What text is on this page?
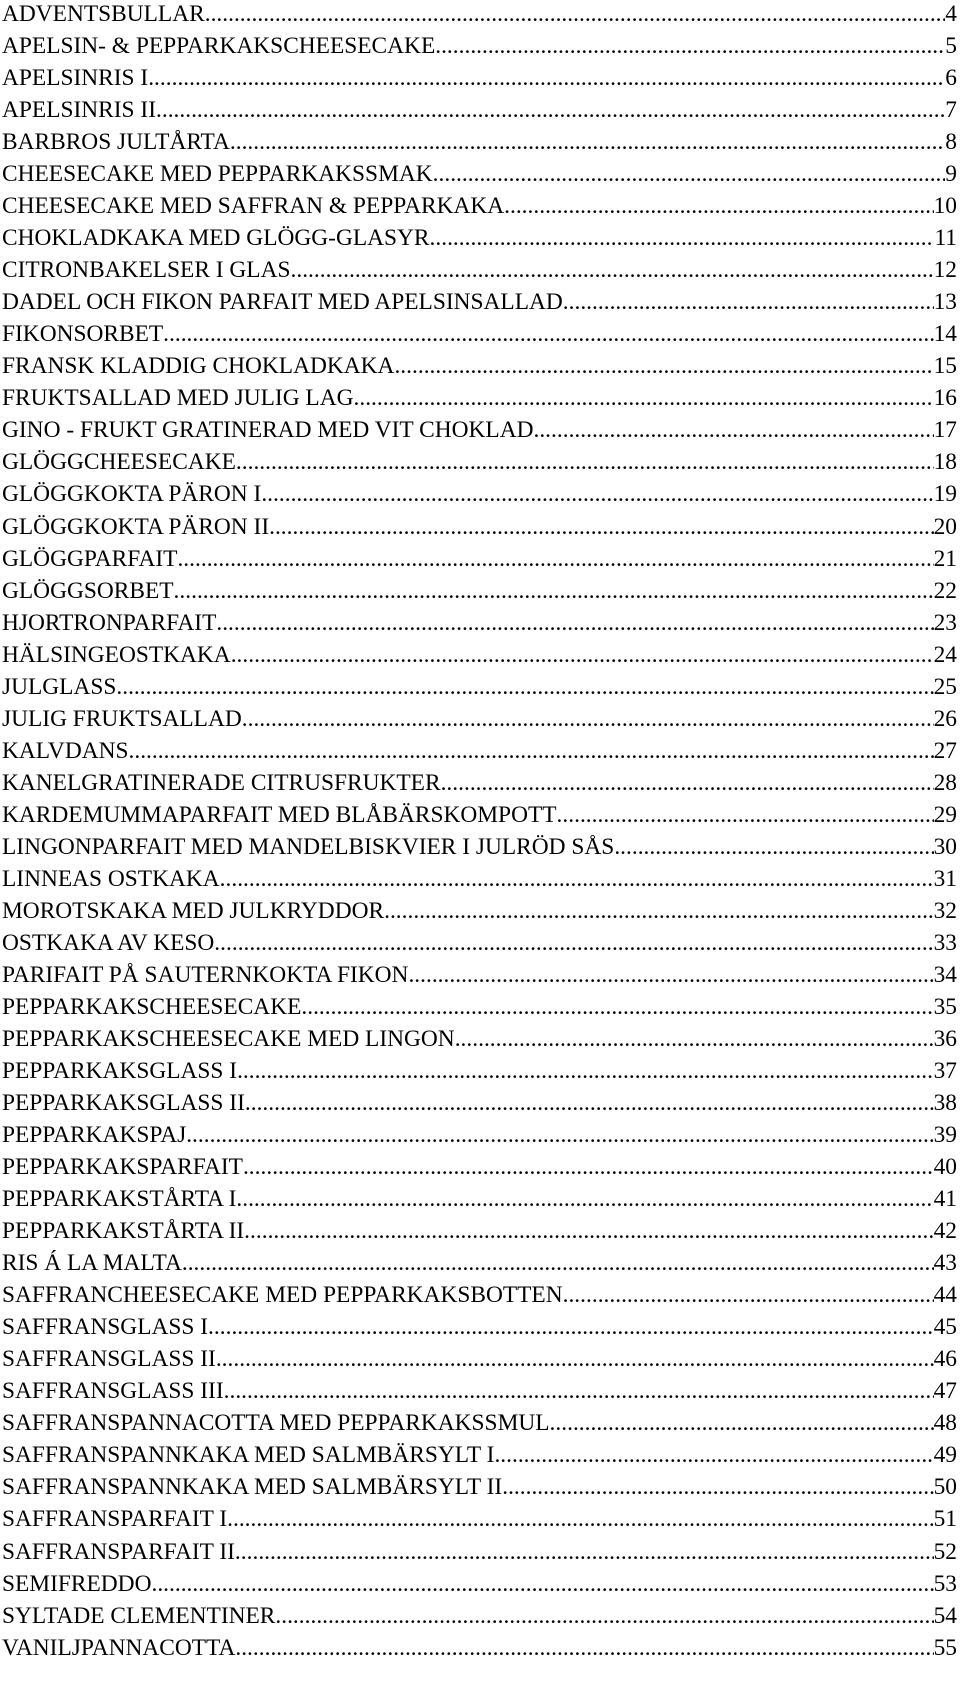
ADVENTSBULLAR .....	4
APELSIN- & PEPPARKAKSCHEESECAKE .....	5
APELSINRIS I .....	6
APELSINRIS II .....	7
BARBROS JULTÅRTA .....	8
CHEESECAKE MED PEPPARKAKSSMAK .....	9
CHEESECAKE MED SAFFRAN & PEPPARKAKA .....	10
CHOKLADKAKA MED GLÖGG-GLASYR .....	11
CITRONBAKELSER I GLAS .....	12
DADEL OCH FIKON PARFAIT MED APELSINSALLAD .....	13
FIKONSORBET .....	14
FRANSK KLADDIG CHOKLADKAKA .....	15
FRUKTSALLAD MED JULIG LAG .....	16
GINO - FRUKT GRATINERAD MED VIT CHOKLAD .....	17
GLÖGGCHEESECAKE .....	18
GLÖGGKOKTA PÄRON I .....	19
GLÖGGKOKTA PÄRON II .....	20
GLÖGGPARFAIT .....	21
GLÖGGSORBET .....	22
HJORTRONPARFAIT .....	23
HÄLSINGEOSTKAKA .....	24
JULGLASS .....	25
JULIG FRUKTSALLAD .....	26
KALVDANS .....	27
KANELGRATINERADE CITRUSFRUKTER .....	28
KARDEMUMMAPARFAIT MED BLÅBÄRSKOMPOTT .....	29
LINGONPARFAIT MED MANDELBISKVIER I JULRÖD SÅS .....	30
LINNEAS OSTKAKA .....	31
MOROTSKAKA MED JULKRYDDOR .....	32
OSTKAKA AV KESO .....	33
PARIFAIT PÅ SAUTERNKOKTA FIKON .....	34
PEPPARKAKSCHEESECAKE .....	35
PEPPARKAKSCHEESECAKE MED LINGON .....	36
PEPPARKAKSGLASS I .....	37
PEPPARKAKSGLASS II .....	38
PEPPARKAKSPAJ .....	39
PEPPARKAKSPARFAIT .....	40
PEPPARKAKSTÅRTA I .....	41
PEPPARKAKSTÅRTA II .....	42
RIS Á LA MALTA .....	43
SAFFRANCHEESECAKE MED PEPPARKAKSBOTTEN .....	44
SAFFRANSGLASS I .....	45
SAFFRANSGLASS II .....	46
SAFFRANSGLASS III .....	47
SAFFRANSPANNACOTTA MED PEPPARKAKSSMUL .....	48
SAFFRANSPANNKAKA MED SALMBÄRSYLT I .....	49
SAFFRANSPANNKAKA MED SALMBÄRSYLT II .....	50
SAFFRANSPARFAIT I .....	51
SAFFRANSPARFAIT II .....	52
SEMIFREDDO .....	53
SYLTADE CLEMENTINER .....	54
VANILJPANNACOTTA .....	55
